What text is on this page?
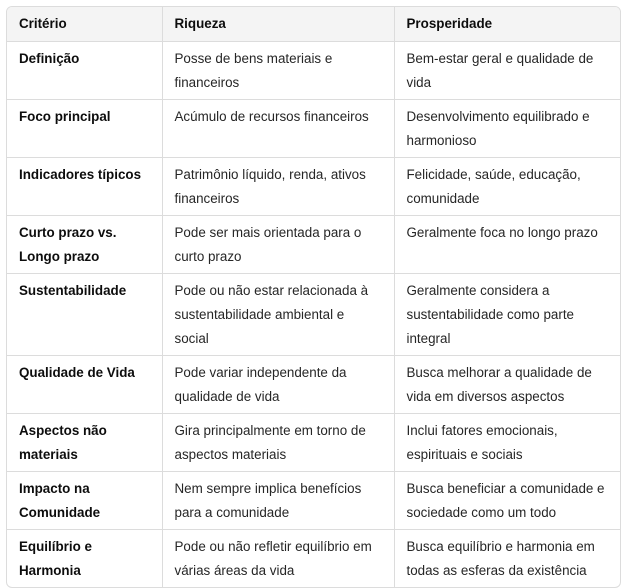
Critério	Riqueza	Prosperidade
Definição	Posse de bens materiais e financeiros	Bem-estar geral e qualidade de vida
Foco principal	Acúmulo de recursos financeiros	Desenvolvimento equilibrado e harmonioso
Indicadores típicos	Patrimônio líquido, renda, ativos financeiros	Felicidade, saúde, educação, comunidade
Curto prazo vs. Longo prazo	Pode ser mais orientada para o curto prazo	Geralmente foca no longo prazo
Sustentabilidade	Pode ou não estar relacionada à sustentabilidade ambiental e social	Geralmente considera a sustentabilidade como parte integral
Qualidade de Vida	Pode variar independente da qualidade de vida	Busca melhorar a qualidade de vida em diversos aspectos
Aspectos não materiais	Gira principalmente em torno de aspectos materiais	Inclui fatores emocionais, espirituais e sociais
Impacto na Comunidade	Nem sempre implica benefícios para a comunidade	Busca beneficiar a comunidade e sociedade como um todo
Equilíbrio e Harmonia	Pode ou não refletir equilíbrio em várias áreas da vida	Busca equilíbrio e harmonia em todas as esferas da existência
